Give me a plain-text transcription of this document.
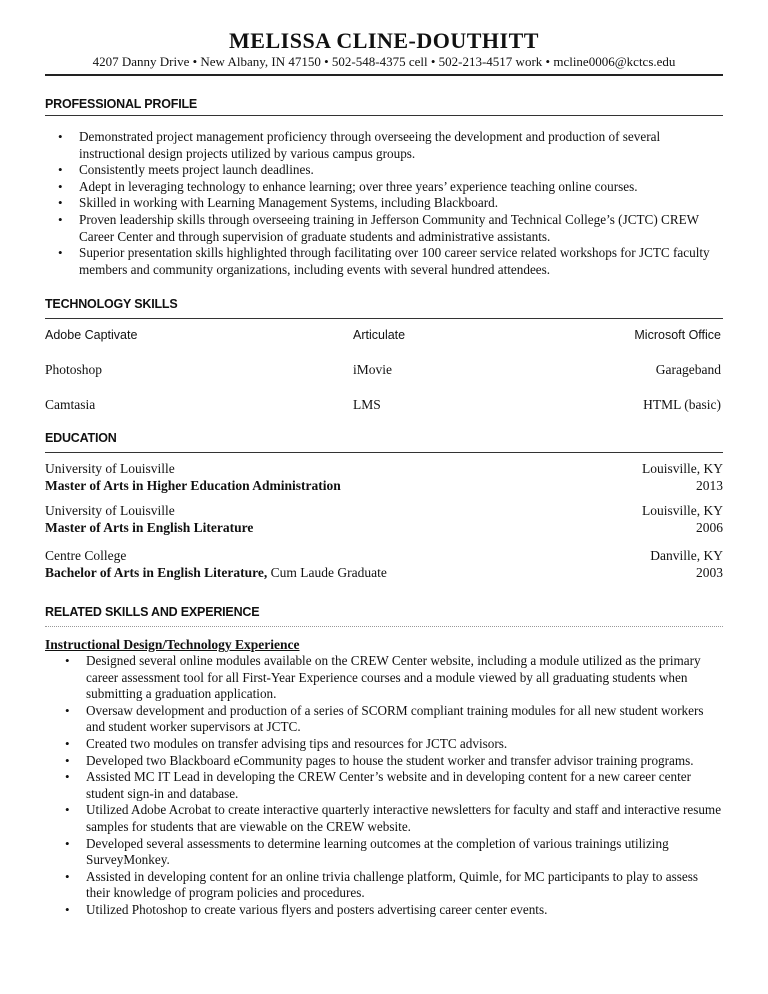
MELISSA CLINE-DOUTHITT
4207 Danny Drive • New Albany, IN 47150 • 502-548-4375 cell • 502-213-4517 work • mcline0006@kctcs.edu
PROFESSIONAL PROFILE
• Demonstrated project management proficiency through overseeing the development and production of several instructional design projects utilized by various campus groups.
• Consistently meets project launch deadlines.
• Adept in leveraging technology to enhance learning; over three years’ experience teaching online courses.
• Skilled in working with Learning Management Systems, including Blackboard.
• Proven leadership skills through overseeing training in Jefferson Community and Technical College’s (JCTC) CREW Career Center and through supervision of graduate students and administrative assistants.
• Superior presentation skills highlighted through facilitating over 100 career service related workshops for JCTC faculty members and community organizations, including events with several hundred attendees.
TECHNOLOGY SKILLS
Adobe Captivate	Articulate	Microsoft Office
Photoshop	iMovie	Garageband
Camtasia	LMS	HTML (basic)
EDUCATION
University of Louisville	Louisville, KY
Master of Arts in Higher Education Administration	2013
University of Louisville	Louisville, KY
Master of Arts in English Literature	2006
Centre College	Danville, KY
Bachelor of Arts in English Literature, Cum Laude Graduate	2003
RELATED SKILLS AND EXPERIENCE
Instructional Design/Technology Experience
• Designed several online modules available on the CREW Center website, including a module utilized as the primary career assessment tool for all First-Year Experience courses and a module viewed by all graduating students when submitting a graduation application.
• Oversaw development and production of a series of SCORM compliant training modules for all new student workers and student worker supervisors at JCTC.
• Created two modules on transfer advising tips and resources for JCTC advisors.
• Developed two Blackboard eCommunity pages to house the student worker and transfer advisor training programs.
• Assisted MC IT Lead in developing the CREW Center’s website and in developing content for a new career center student sign-in and database.
• Utilized Adobe Acrobat to create interactive quarterly interactive newsletters for faculty and staff and interactive resume samples for students that are viewable on the CREW website.
• Developed several assessments to determine learning outcomes at the completion of various trainings utilizing SurveyMonkey.
• Assisted in developing content for an online trivia challenge platform, Quimle, for MC participants to play to assess their knowledge of program policies and procedures.
• Utilized Photoshop to create various flyers and posters advertising career center events.
